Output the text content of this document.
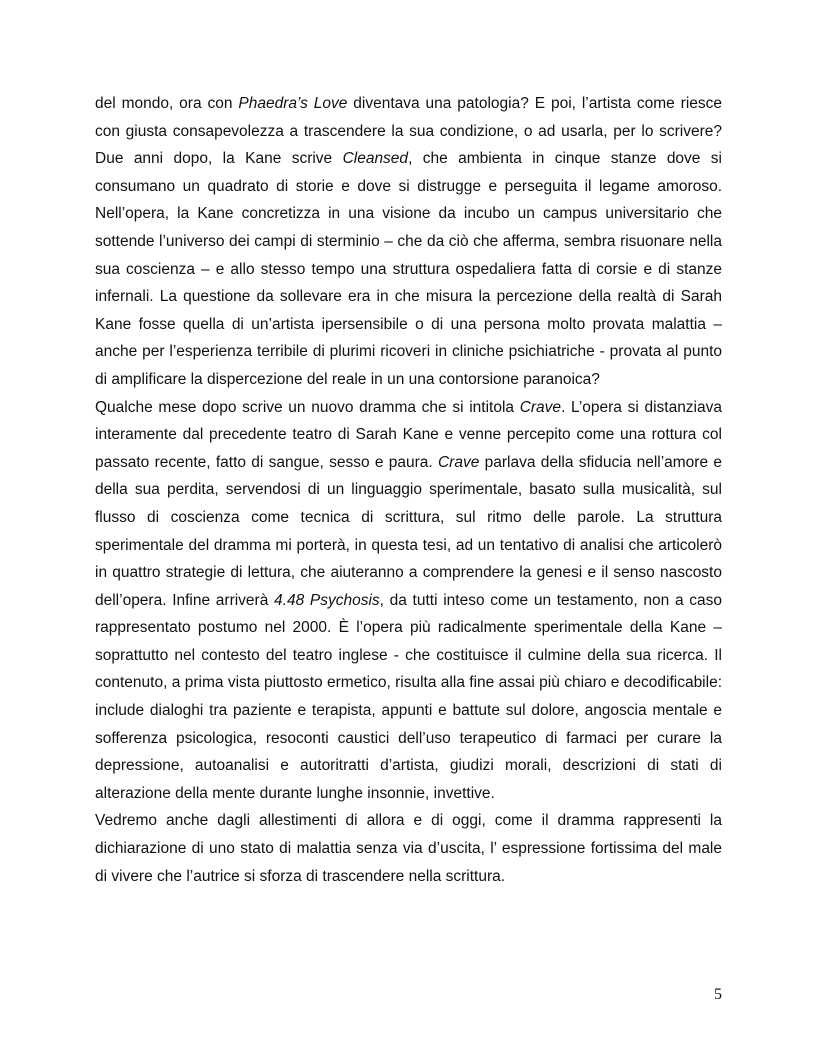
del mondo, ora con Phaedra’s Love diventava una patologia? E poi, l’artista come riesce con giusta consapevolezza a trascendere la sua condizione, o ad usarla, per lo scrivere? Due anni dopo, la Kane scrive Cleansed, che ambienta in cinque stanze dove si consumano un quadrato di storie e dove si distrugge e perseguita il legame amoroso. Nell’opera, la Kane concretizza in una visione da incubo un campus universitario che sottende l’universo dei campi di sterminio – che da ciò che afferma, sembra risuonare nella sua coscienza – e allo stesso tempo una struttura ospedaliera fatta di corsie e di stanze infernali. La questione da sollevare era in che misura la percezione della realtà di Sarah Kane fosse quella di un’artista ipersensibile o di una persona molto provata malattia – anche per l’esperienza terribile di plurimi ricoveri in cliniche psichiatriche - provata al punto di amplificare la dispercezione del reale in un una contorsione paranoica?

Qualche mese dopo scrive un nuovo dramma che si intitola Crave. L’opera si distanziava interamente dal precedente teatro di Sarah Kane e venne percepito come una rottura col passato recente, fatto di sangue, sesso e paura. Crave parlava della sfiducia nell’amore e della sua perdita, servendosi di un linguaggio sperimentale, basato sulla musicalità, sul flusso di coscienza come tecnica di scrittura, sul ritmo delle parole. La struttura sperimentale del dramma mi porterà, in questa tesi, ad un tentativo di analisi che articolerò in quattro strategie di lettura, che aiuteranno a comprendere la genesi e il senso nascosto dell’opera. Infine arriverà 4.48 Psychosis, da tutti inteso come un testamento, non a caso rappresentato postumo nel 2000. È l’opera più radicalmente sperimentale della Kane – soprattutto nel contesto del teatro inglese - che costituisce il culmine della sua ricerca. Il contenuto, a prima vista piuttosto ermetico, risulta alla fine assai più chiaro e decodificabile: include dialoghi tra paziente e terapista, appunti e battute sul dolore, angoscia mentale e sofferenza psicologica, resoconti caustici dell’uso terapeutico di farmaci per curare la depressione, autoanalisi e autoritratti d’artista, giudizi morali, descrizioni di stati di alterazione della mente durante lunghe insonnie, invettive.

Vedremo anche dagli allestimenti di allora e di oggi, come il dramma rappresenti la dichiarazione di uno stato di malattia senza via d’uscita, l’ espressione fortissima del male di vivere che l’autrice si sforza di trascendere nella scrittura.

5
